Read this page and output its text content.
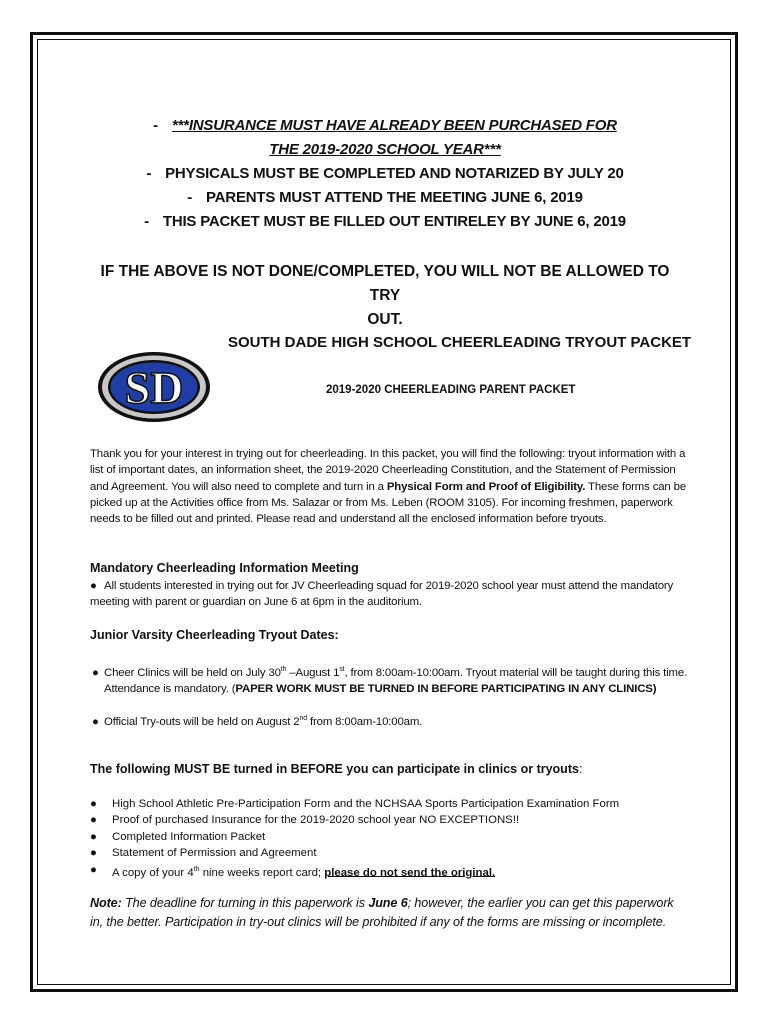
- ***INSURANCE MUST HAVE ALREADY BEEN PURCHASED FOR
THE 2019-2020 SCHOOL YEAR***
- PHYSICALS MUST BE COMPLETED AND NOTARIZED BY JULY 20
- PARENTS MUST ATTEND THE MEETING JUNE 6, 2019
- THIS PACKET MUST BE FILLED OUT ENTIRELEY BY JUNE 6, 2019
IF THE ABOVE IS NOT DONE/COMPLETED, YOU WILL NOT BE ALLOWED TO TRY
OUT.
SOUTH DADE HIGH SCHOOL CHEERLEADING TRYOUT PACKET
SD	2019-2020 CHEERLEADING PARENT PACKET
Thank you for your interest in trying out for cheerleading. In this packet, you will find the following: tryout information with a list of important dates, an information sheet, the 2019-2020 Cheerleading Constitution, and the Statement of Permission and Agreement. You will also need to complete and turn in a Physical Form and Proof of Eligibility. These forms can be picked up at the Activities office from Ms. Salazar or from Ms. Leben (ROOM 3105). For incoming freshmen, paperwork needs to be filled out and printed. Please read and understand all the enclosed information before tryouts.
Mandatory Cheerleading Information Meeting
● All students interested in trying out for JV Cheerleading squad for 2019-2020 school year must attend the mandatory meeting with parent or guardian on June 6 at 6pm in the auditorium.
Junior Varsity Cheerleading Tryout Dates:
● Cheer Clinics will be held on July 30th –August 1st, from 8:00am-10:00am. Tryout material will be taught during this time. Attendance is mandatory. (PAPER WORK MUST BE TURNED IN BEFORE PARTICIPATING IN ANY CLINICS)
● Official Try-outs will be held on August 2nd from 8:00am-10:00am.
The following MUST BE turned in BEFORE you can participate in clinics or tryouts:
● High School Athletic Pre-Participation Form and the NCHSAA Sports Participation Examination Form
● Proof of purchased Insurance for the 2019-2020 school year NO EXCEPTIONS!!
● Completed Information Packet
● Statement of Permission and Agreement
● A copy of your 4th nine weeks report card; please do not send the original.
Note: The deadline for turning in this paperwork is June 6; however, the earlier you can get this paperwork in, the better. Participation in try-out clinics will be prohibited if any of the forms are missing or incomplete.
